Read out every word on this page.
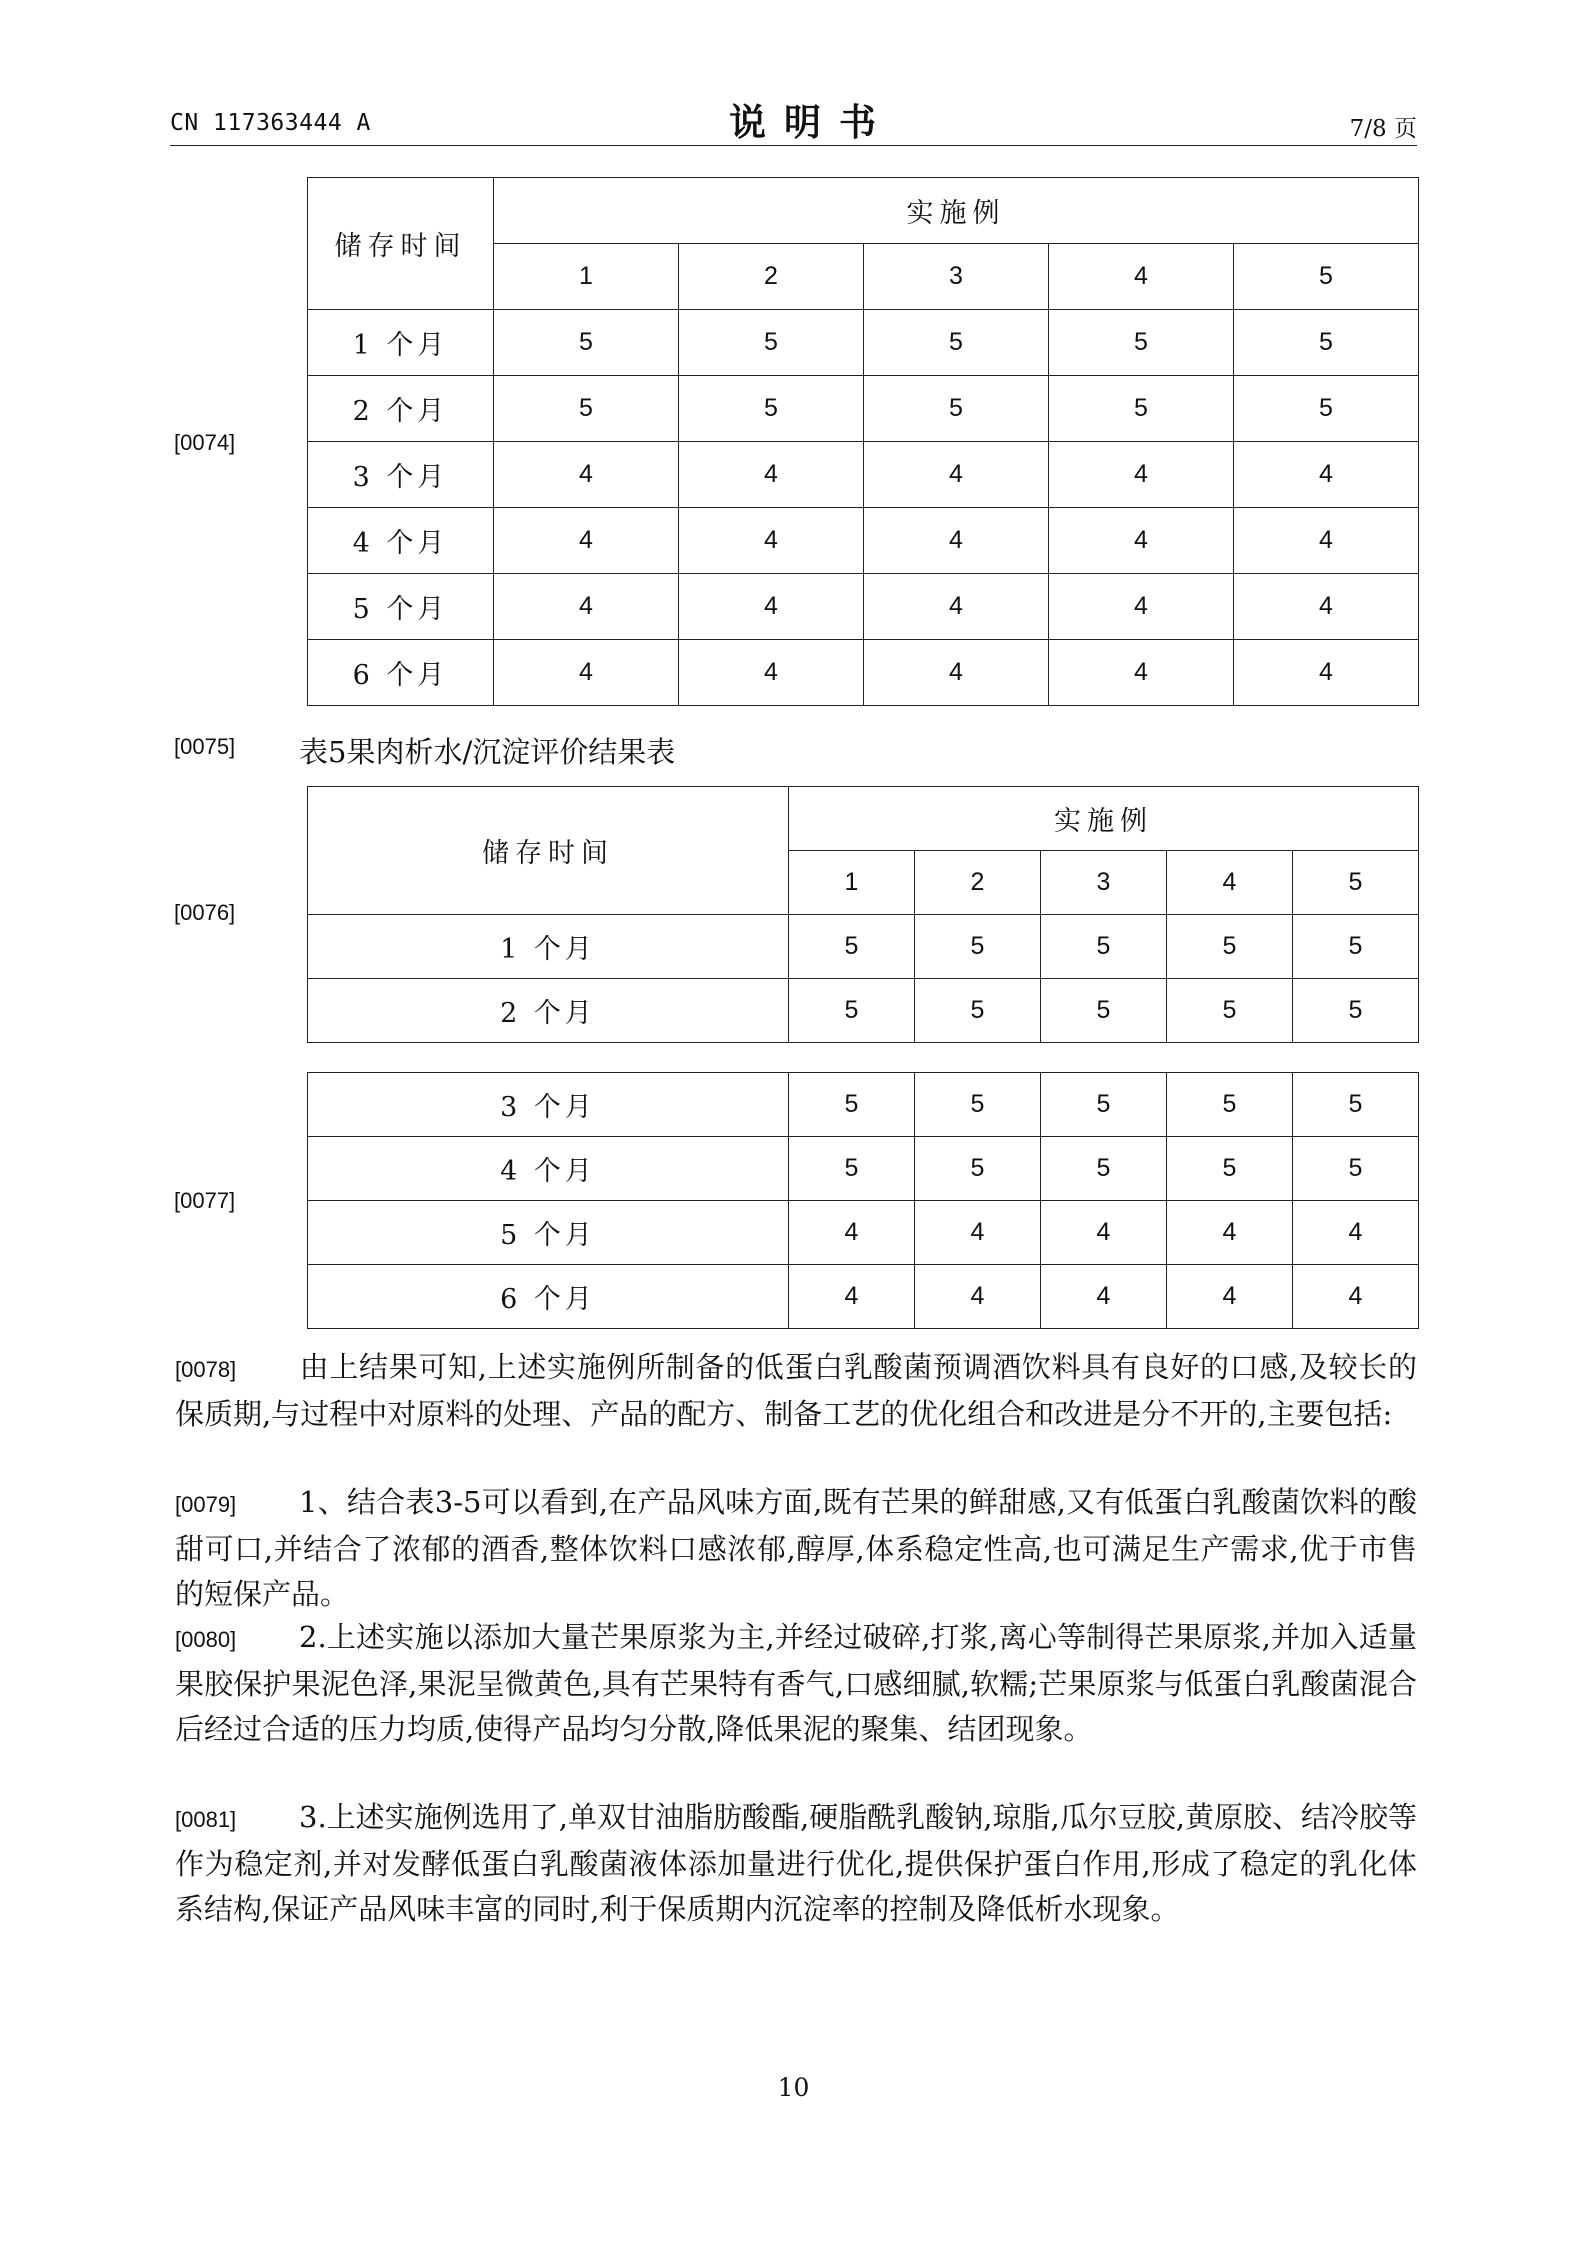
CN 117363444 A	说明书	7/8 页
[0074]
储存时间	实施例				
	1	2	3	4	5
1 个月	5	5	5	5	5
2 个月	5	5	5	5	5
3 个月	4	4	4	4	4
4 个月	4	4	4	4	4
5 个月	4	4	4	4	4
6 个月	4	4	4	4	4
[0075] 表5果肉析水/沉淀评价结果表
[0076]
储存时间	实施例				
	1	2	3	4	5
1 个月	5	5	5	5	5
2 个月	5	5	5	5	5
[0077]
3 个月	5	5	5	5	5
4 个月	5	5	5	5	5
5 个月	4	4	4	4	4
6 个月	4	4	4	4	4
[0078] 由上结果可知,上述实施例所制备的低蛋白乳酸菌预调酒饮料具有良好的口感,及较长的保质期,与过程中对原料的处理、产品的配方、制备工艺的优化组合和改进是分不开的,主要包括:
[0079] 1、结合表3-5可以看到,在产品风味方面,既有芒果的鲜甜感,又有低蛋白乳酸菌饮料的酸甜可口,并结合了浓郁的酒香,整体饮料口感浓郁,醇厚,体系稳定性高,也可满足生产需求,优于市售的短保产品。
[0080] 2.上述实施以添加大量芒果原浆为主,并经过破碎,打浆,离心等制得芒果原浆,并加入适量果胶保护果泥色泽,果泥呈微黄色,具有芒果特有香气,口感细腻,软糯;芒果原浆与低蛋白乳酸菌混合后经过合适的压力均质,使得产品均匀分散,降低果泥的聚集、结团现象。
[0081] 3.上述实施例选用了,单双甘油脂肪酸酯,硬脂酰乳酸钠,琼脂,瓜尔豆胶,黄原胶、结冷胶等作为稳定剂,并对发酵低蛋白乳酸菌液体添加量进行优化,提供保护蛋白作用,形成了稳定的乳化体系结构,保证产品风味丰富的同时,利于保质期内沉淀率的控制及降低析水现象。
10
